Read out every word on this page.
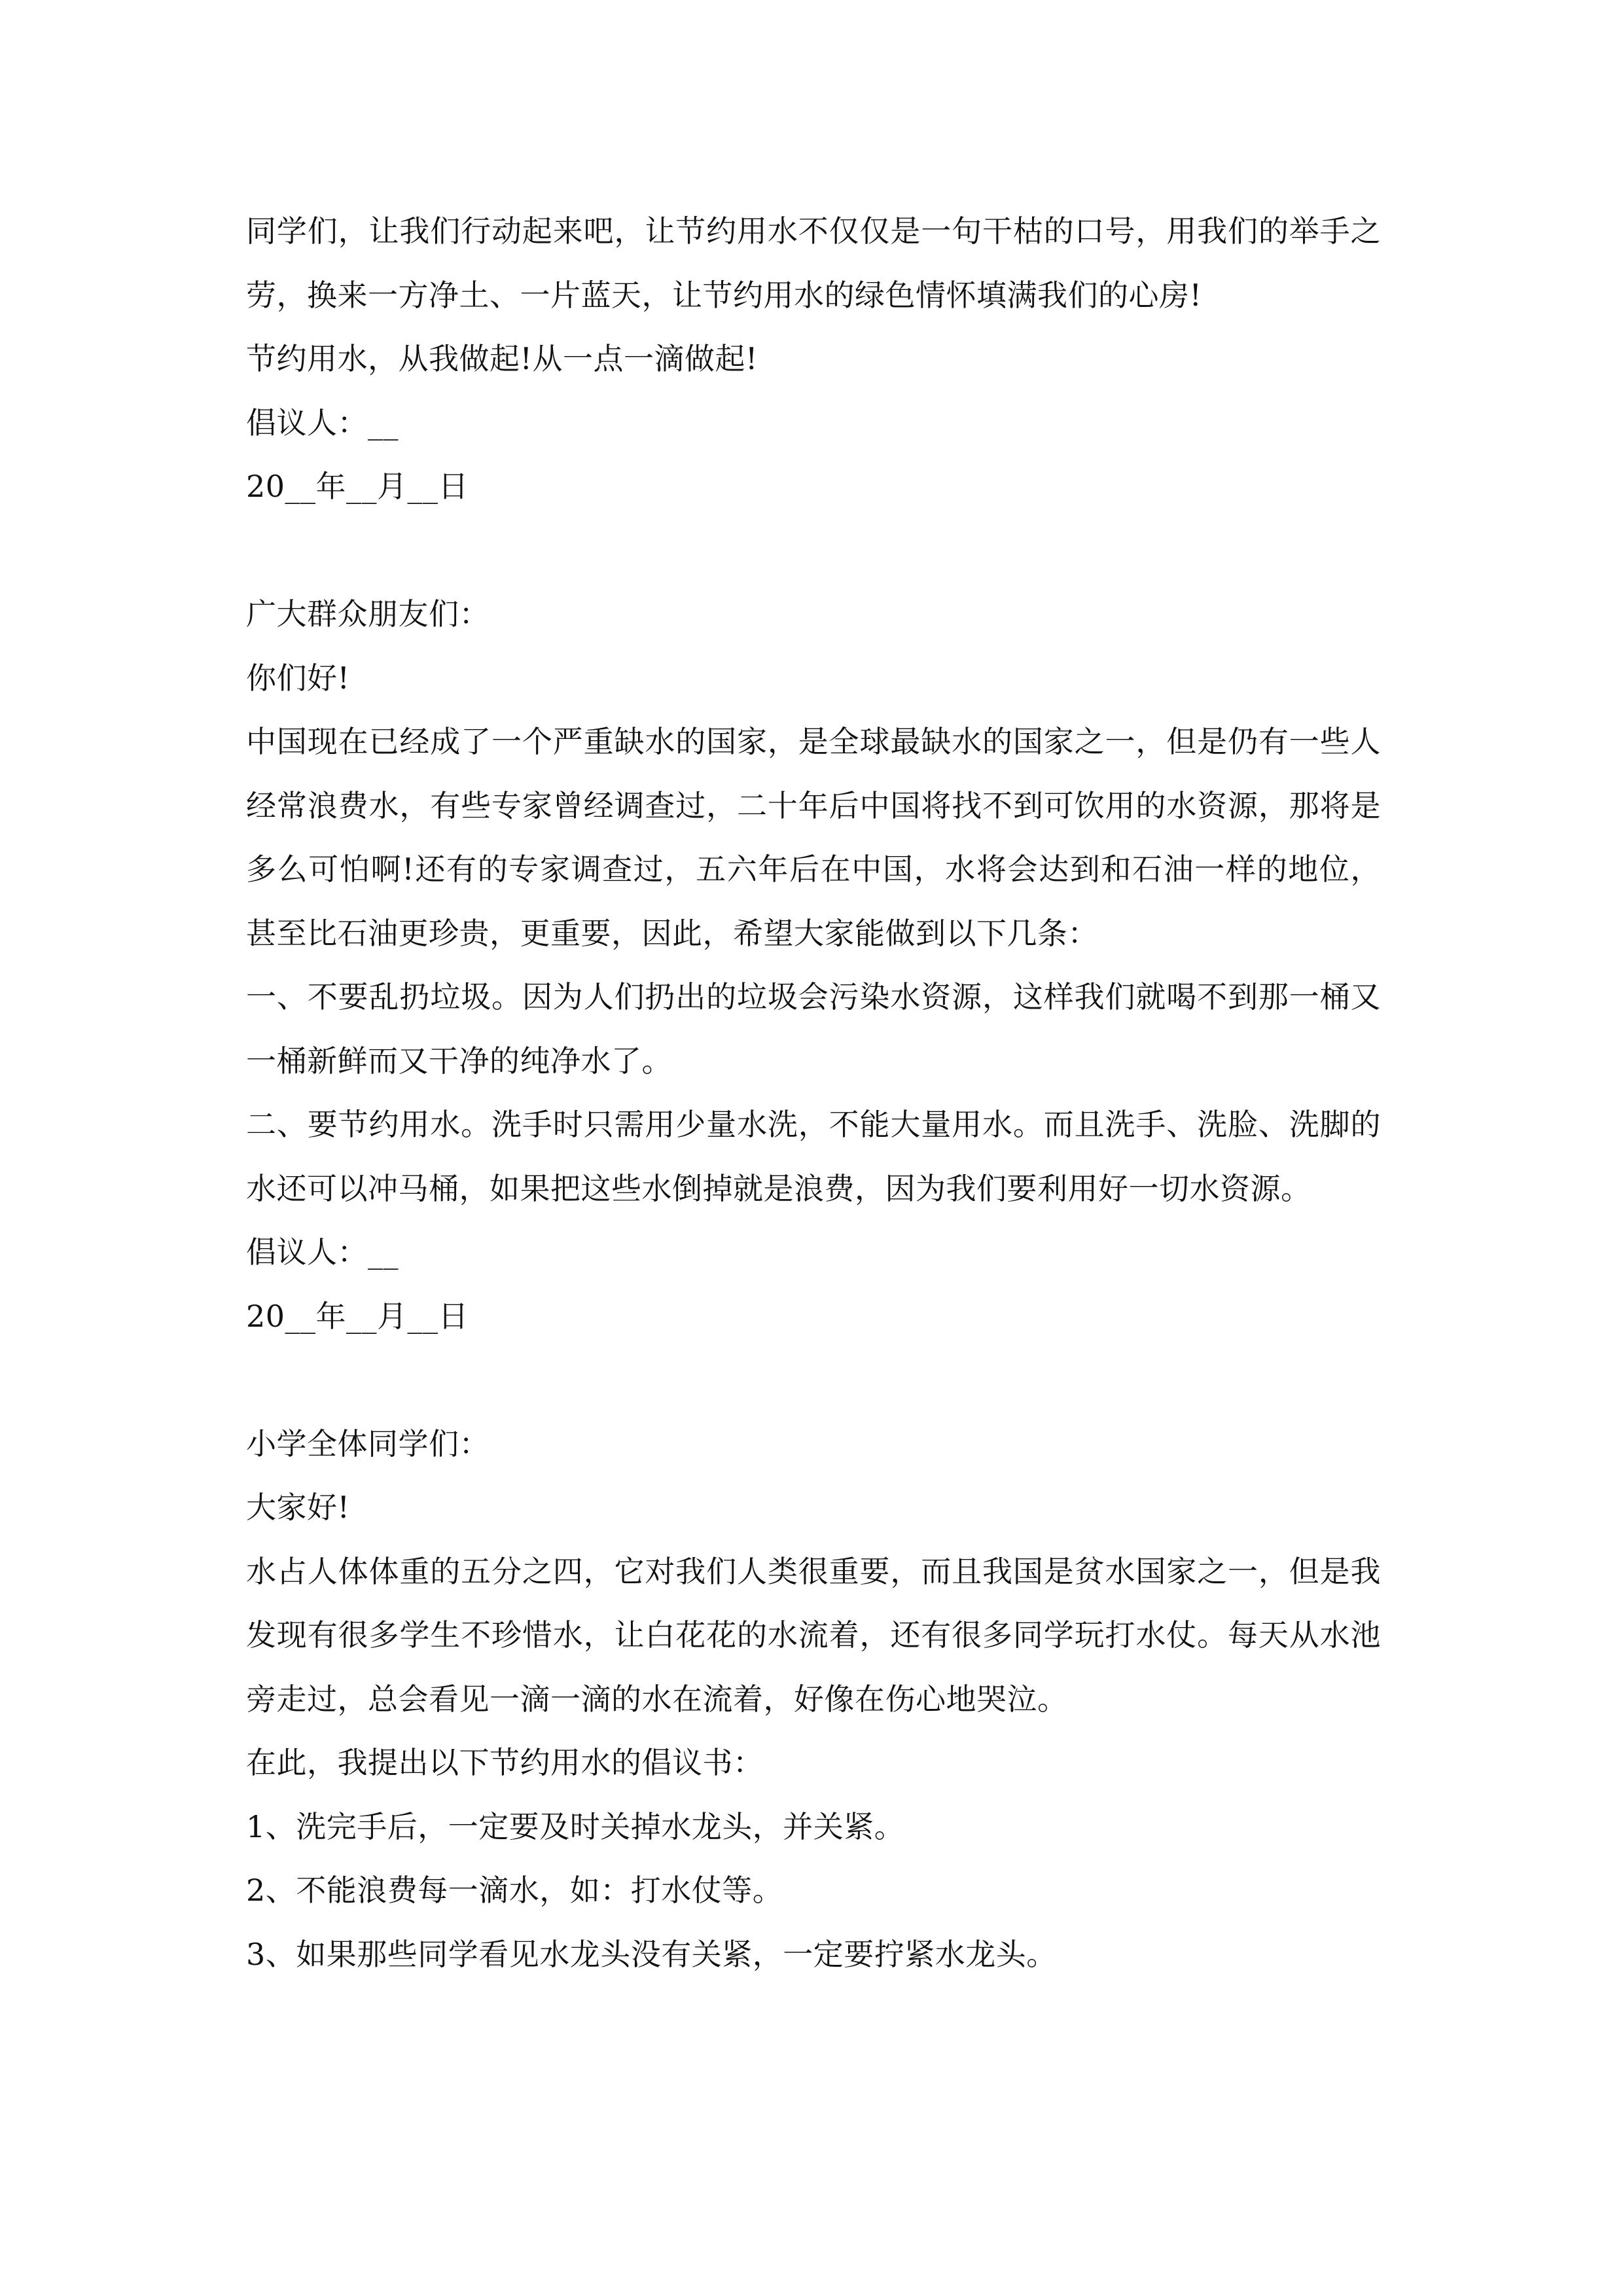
同学们，让我们行动起来吧，让节约用水不仅仅是一句干枯的口号，用我们的举手之劳，换来一方净土、一片蓝天，让节约用水的绿色情怀填满我们的心房!
节约用水，从我做起!从一点一滴做起!
倡议人：__
20__年__月__日
广大群众朋友们：
你们好!
中国现在已经成了一个严重缺水的国家，是全球最缺水的国家之一，但是仍有一些人经常浪费水，有些专家曾经调查过，二十年后中国将找不到可饮用的水资源，那将是多么可怕啊!还有的专家调查过，五六年后在中国，水将会达到和石油一样的地位，甚至比石油更珍贵，更重要，因此，希望大家能做到以下几条：
一、不要乱扔垃圾。因为人们扔出的垃圾会污染水资源，这样我们就喝不到那一桶又一桶新鲜而又干净的纯净水了。
二、要节约用水。洗手时只需用少量水洗，不能大量用水。而且洗手、洗脸、洗脚的水还可以冲马桶，如果把这些水倒掉就是浪费，因为我们要利用好一切水资源。
倡议人：__
20__年__月__日
小学全体同学们：
大家好!
水占人体体重的五分之四，它对我们人类很重要，而且我国是贫水国家之一，但是我发现有很多学生不珍惜水，让白花花的水流着，还有很多同学玩打水仗。每天从水池旁走过，总会看见一滴一滴的水在流着，好像在伤心地哭泣。
在此，我提出以下节约用水的倡议书：
1、洗完手后，一定要及时关掉水龙头，并关紧。
2、不能浪费每一滴水，如：打水仗等。
3、如果那些同学看见水龙头没有关紧，一定要拧紧水龙头。
